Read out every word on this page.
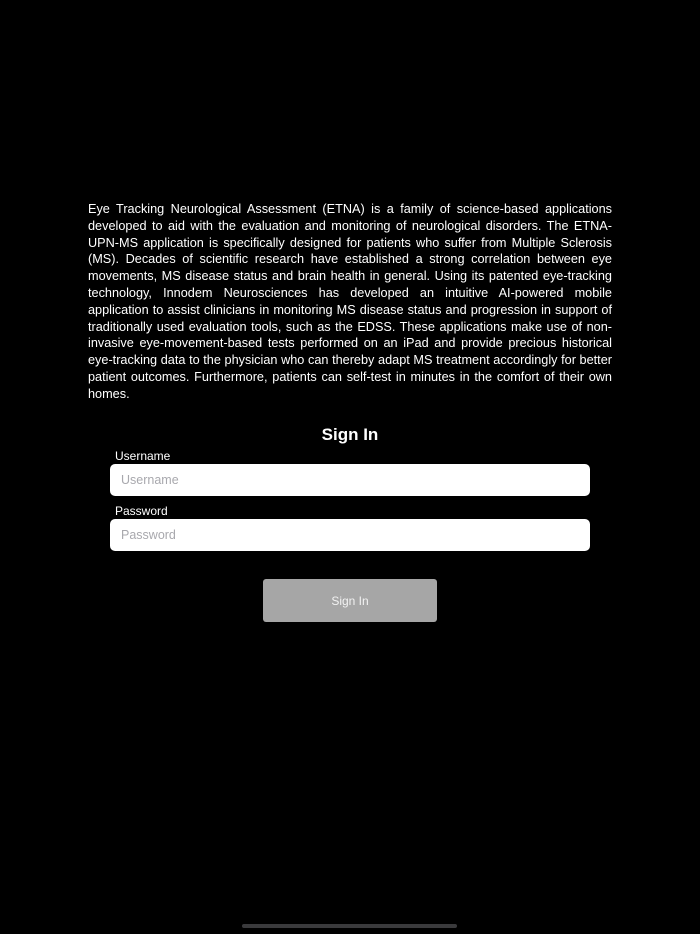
Eye Tracking Neurological Assessment (ETNA) is a family of science-based applications developed to aid with the evaluation and monitoring of neurological disorders. The ETNA-UPN-MS application is specifically designed for patients who suffer from Multiple Sclerosis (MS). Decades of scientific research have established a strong correlation between eye movements, MS disease status and brain health in general. Using its patented eye-tracking technology, Innodem Neurosciences has developed an intuitive AI-powered mobile application to assist clinicians in monitoring MS disease status and progression in support of traditionally used evaluation tools, such as the EDSS. These applications make use of non-invasive eye-movement-based tests performed on an iPad and provide precious historical eye-tracking data to the physician who can thereby adapt MS treatment accordingly for better patient outcomes. Furthermore, patients can self-test in minutes in the comfort of their own homes.

Sign In
Username
Username
Password
Sign In
